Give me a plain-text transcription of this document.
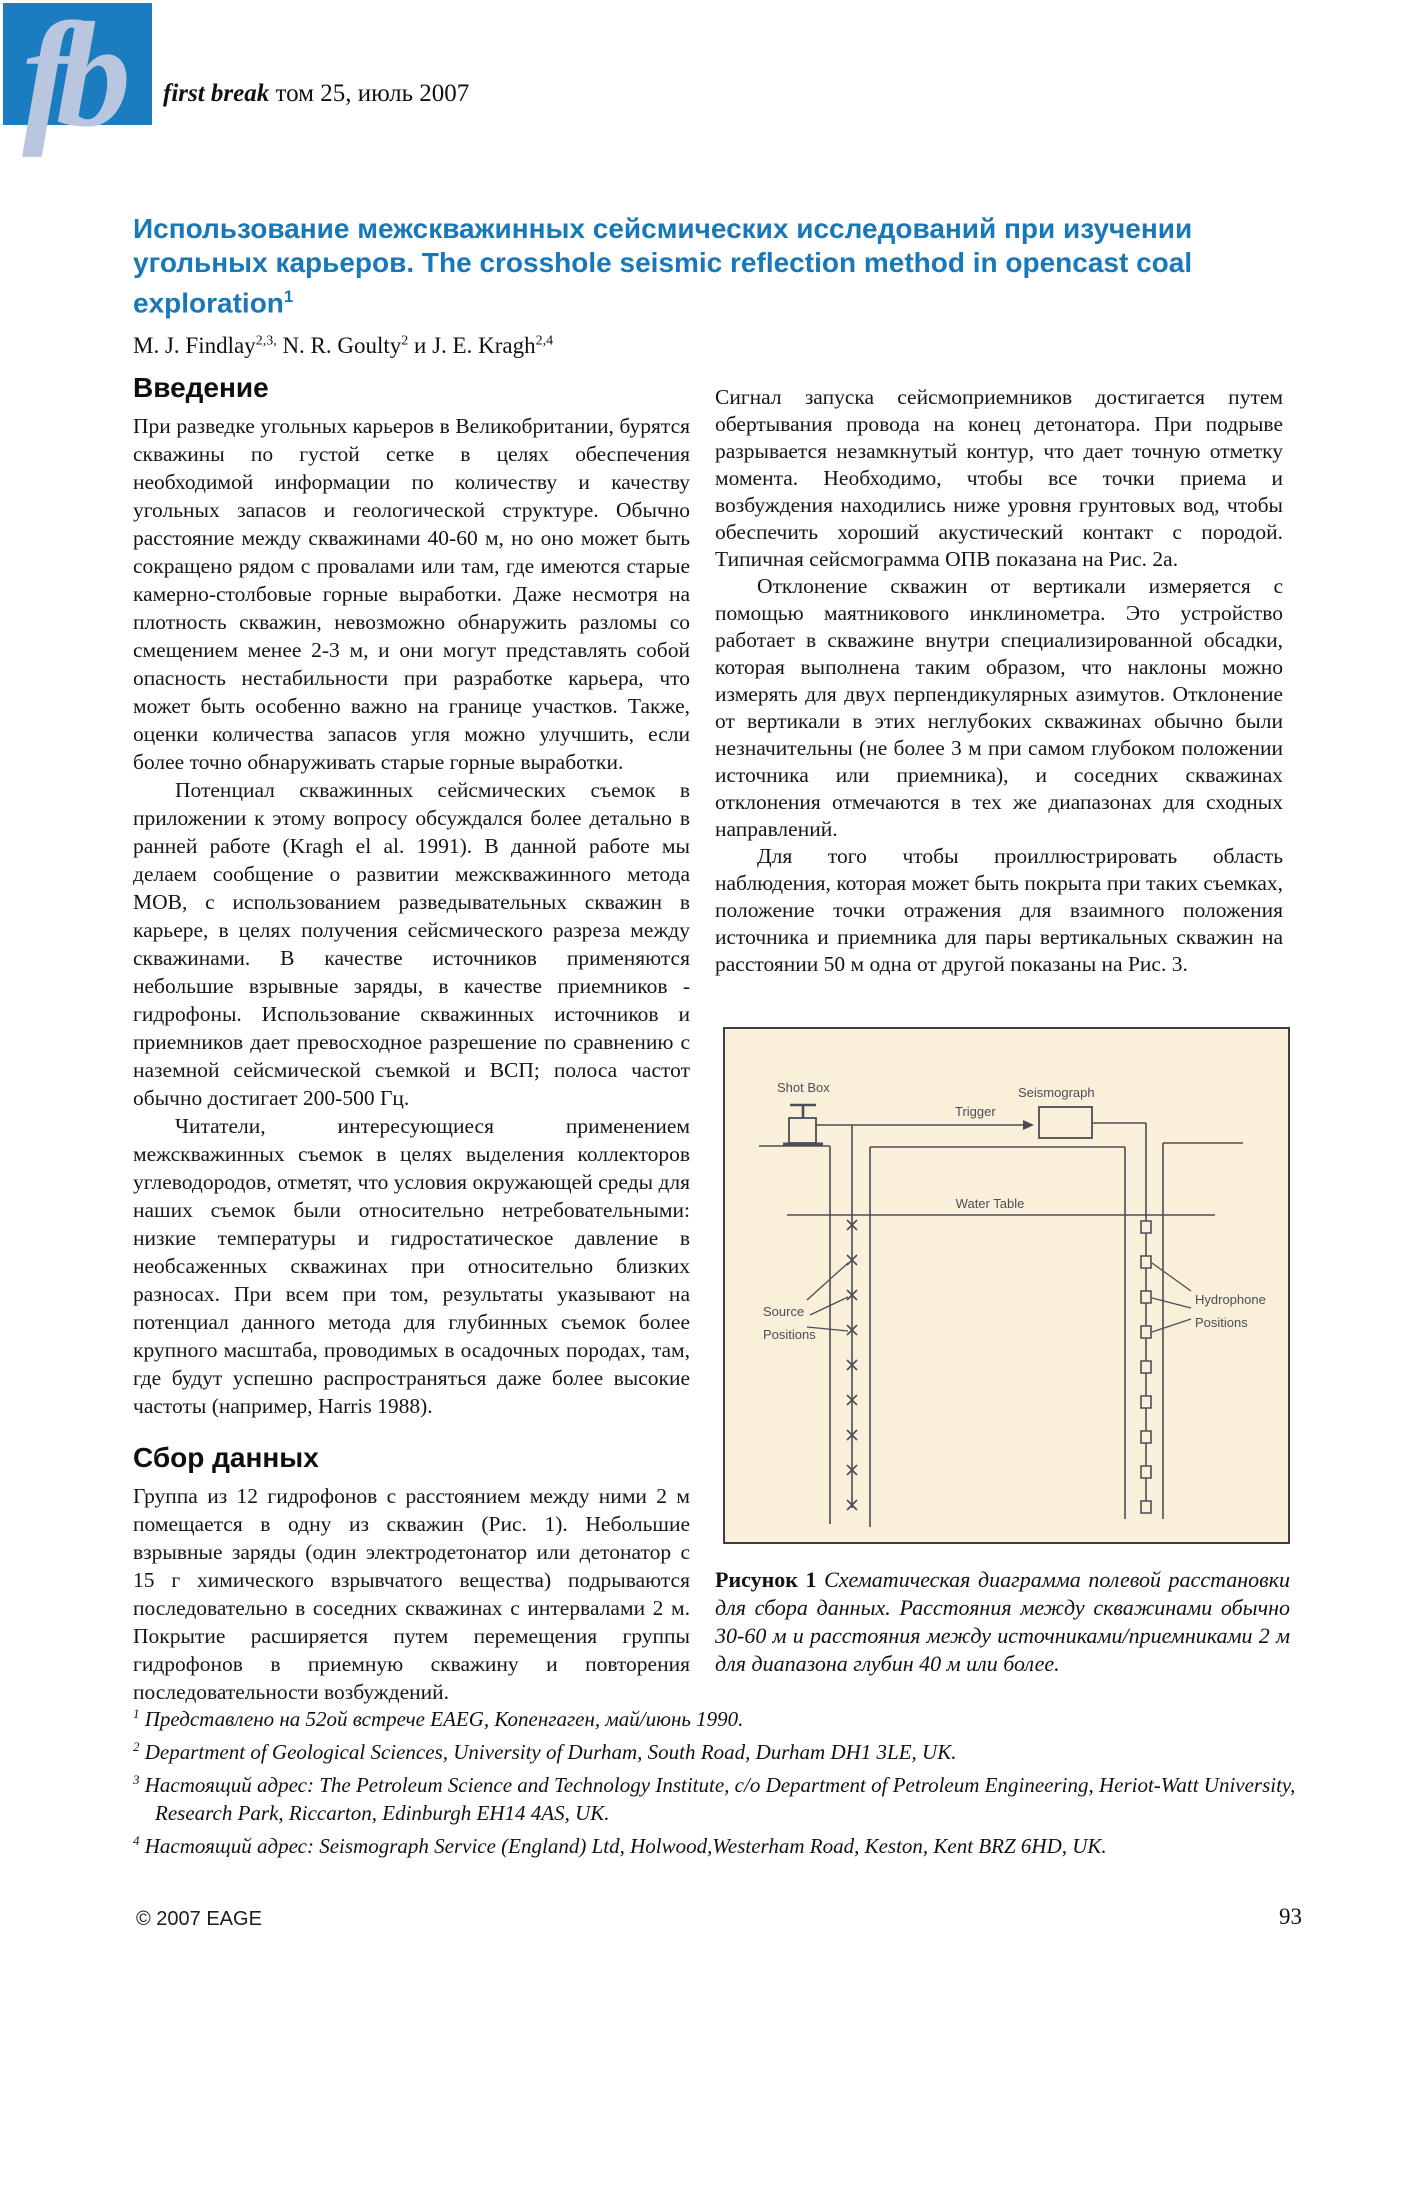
fb first break том 25, июль 2007
Использование межскважинных сейсмических исследований при изучении
угольных карьеров. The crosshole seismic reflection method in opencast coal
exploration$^1$
M. J. Findlay$^{2,3,}$ N. R. Goulty$^2$ и J. E. Kragh$^{2,4}$
Введение

При разведке угольных карьеров в Великобритании, бурятся скважины по густой сетке в целях обеспечения необходимой информации по количеству и качеству угольных запасов и геологической структуре. Обычно расстояние между скважинами 40-60 м, но оно может быть сокращено рядом с провалами или там, где имеются старые камерно-столбовые горные выработки. Даже несмотря на плотность скважин, невозможно обнаружить разломы со смещением менее 2-3 м, и они могут представлять собой опасность нестабильности при разработке карьера, что может быть особенно важно на границе участков. Также, оценки количества запасов угля можно улучшить, если более точно обнаруживать старые горные выработки.

Потенциал скважинных сейсмических съемок в приложении к этому вопросу обсуждался более детально в ранней работе (Kragh el al. 1991). В данной работе мы делаем сообщение о развитии межскважинного метода МОВ, с использованием разведывательных скважин в карьере, в целях получения сейсмического разреза между скважинами. В качестве источников применяются небольшие взрывные заряды, в качестве приемников - гидрофоны. Использование скважинных источников и приемников дает превосходное разрешение по сравнению с наземной сейсмической съемкой и ВСП; полоса частот обычно достигает 200-500 Гц.

Читатели, интересующиеся применением межскважинных съемок в целях выделения коллекторов углеводородов, отметят, что условия окружающей среды для наших съемок были относительно нетребовательными: низкие температуры и гидростатическое давление в необсаженных скважинах при относительно близких разносах. При всем при том, результаты указывают на потенциал данного метода для глубинных съемок более крупного масштаба, проводимых в осадочных породах, там, где будут успешно распространяться даже более высокие частоты (например, Harris 1988).

Сбор данных

Группа из 12 гидрофонов с расстоянием между ними 2 м помещается в одну из скважин (Рис. 1). Небольшие взрывные заряды (один электродетонатор или детонатор с 15 г химического взрывчатого вещества) подрываются последовательно в соседних скважинах с интервалами 2 м. Покрытие расширяется путем перемещения группы гидрофонов в приемную скважину и повторения последовательности возбуждений.

Сигнал запуска сейсмоприемников достигается путем обертывания провода на конец детонатора. При подрыве разрывается незамкнутый контур, что дает точную отметку момента. Необходимо, чтобы все точки приема и возбуждения находились ниже уровня грунтовых вод, чтобы обеспечить хороший акустический контакт с породой. Типичная сейсмограмма ОПВ показана на Рис. 2а.

Отклонение скважин от вертикали измеряется с помощью маятникового инклинометра. Это устройство работает в скважине внутри специализированной обсадки, которая выполнена таким образом, что наклоны можно измерять для двух перпендикулярных азимутов. Отклонение от вертикали в этих неглубоких скважинах обычно были незначительны (не более 3 м при самом глубоком положении источника или приемника), и соседних скважинах отклонения отмечаются в тех же диапазонах для сходных направлений.

Для того чтобы проиллюстрировать область наблюдения, которая может быть покрыта при таких съемках, положение точки отражения для взаимного положения источника и приемника для пары вертикальных скважин на расстоянии 50 м одна от другой показаны на Рис. 3.

Shot Box
Trigger
Seismograph
Water Table
Source
Positions
Hydrophone
Positions
Рисунок 1 Схематическая диаграмма полевой расстановки для сбора данных. Расстояния между скважинами обычно 30-60 м и расстояния между источниками/приемниками 2 м для диапазона глубин 40 м или более.
$^1$ Представлено на 52ой встрече EAEG, Копенгаген, май/июнь 1990.
$^2$ Department of Geological Sciences, University of Durham, South Road, Durham DH1 3LE, UK.
$^3$ Настоящий адрес: The Petroleum Science and Technology Institute, c/o Department of Petroleum Engineering, Heriot-Watt University, Research Park, Riccarton, Edinburgh EH14 4AS, UK.
$^4$ Настоящий адрес: Seismograph Service (England) Ltd, Holwood,Westerham Road, Keston, Kent BRZ 6HD, UK.
© 2007 EAGE	93
